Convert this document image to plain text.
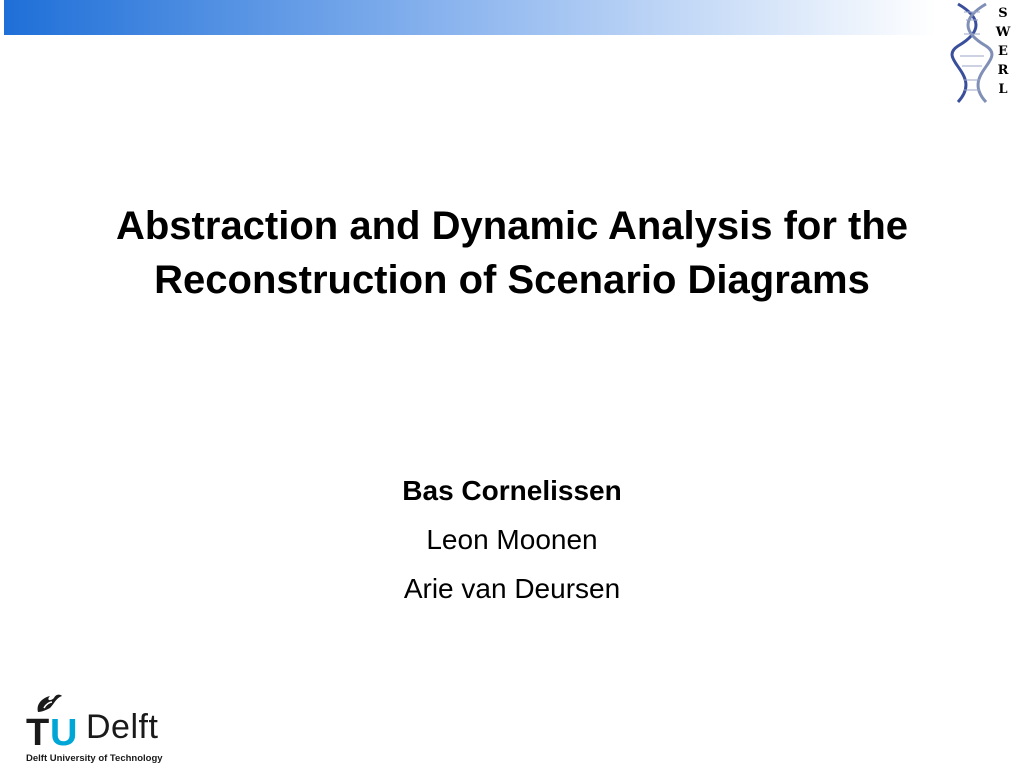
S
W
E
R
L
Abstraction and Dynamic Analysis for the Reconstruction of Scenario Diagrams
Bas Cornelissen
Leon Moonen
Arie van Deursen
T U Delft
Delft University of Technology
